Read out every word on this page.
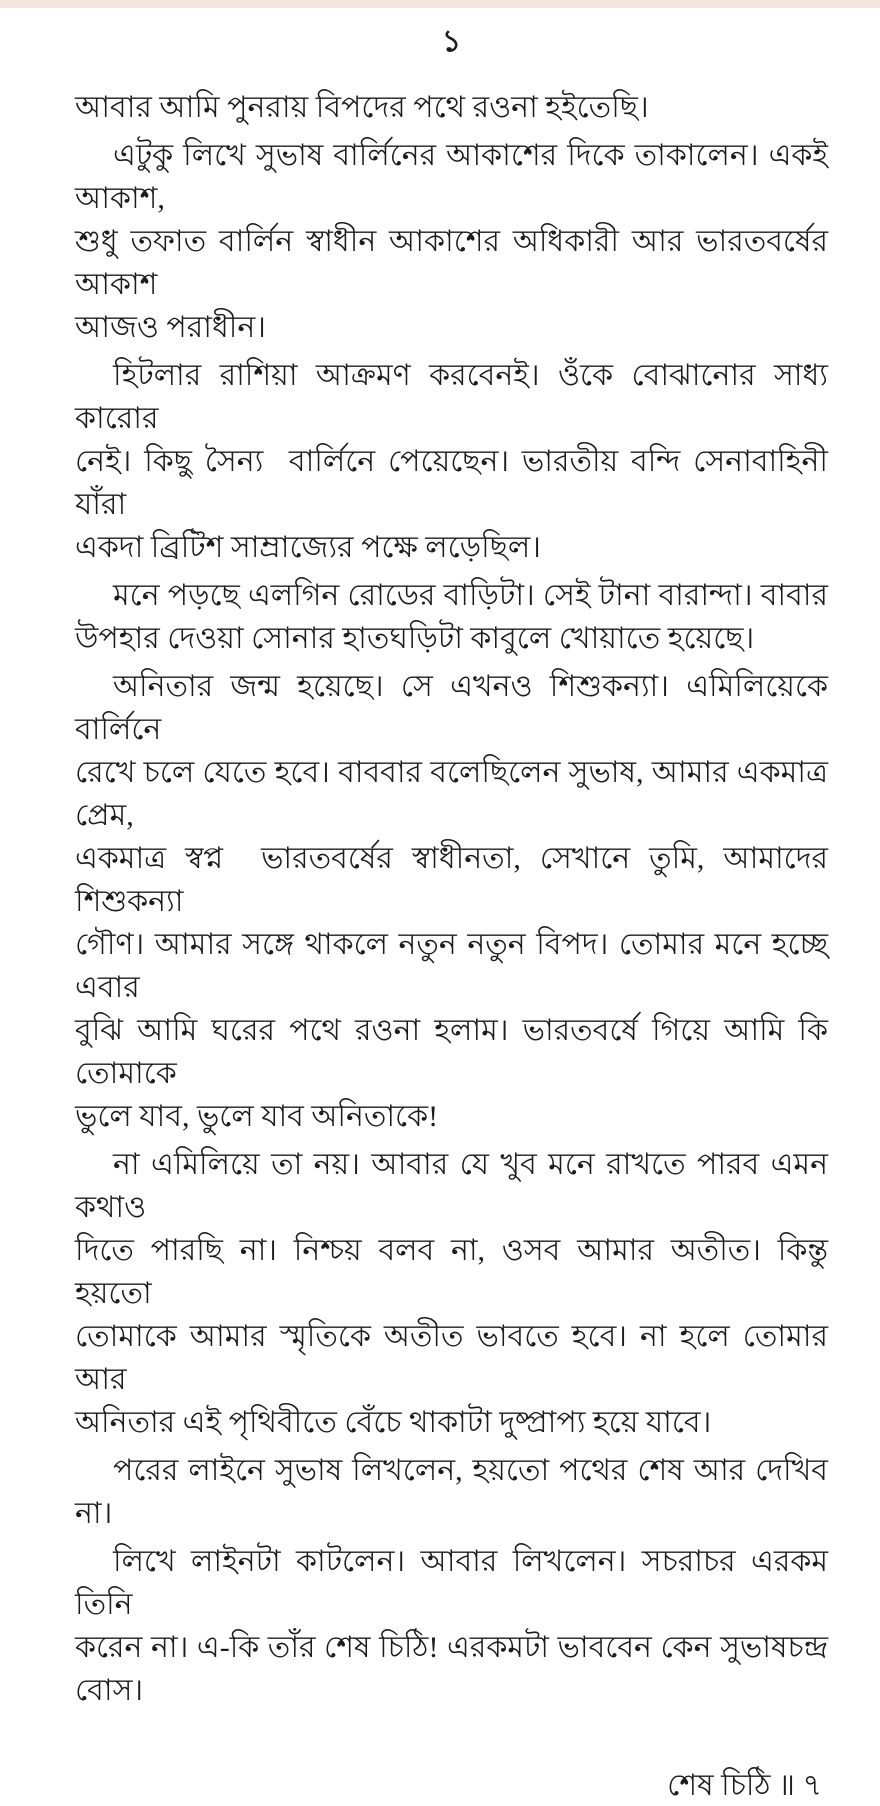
১
আবার আমি পুনরায় বিপদের পথে রওনা হইতেছি।
এটুকু লিখে সুভাষ বার্লিনের আকাশের দিকে তাকালেন। একই আকাশ,
শুধু তফাত বার্লিন স্বাধীন আকাশের অধিকারী আর ভারতবর্ষের আকাশ
আজও পরাধীন।
হিটলার রাশিয়া আক্রমণ করবেনই। ওঁকে বোঝানোর সাধ্য কারোর
নেই। কিছু সৈন্য  বার্লিনে পেয়েছেন। ভারতীয় বন্দি সেনাবাহিনী যাঁরা
একদা ব্রিটিশ সাম্রাজ্যের পক্ষে লড়েছিল।
মনে পড়ছে এলগিন রোডের বাড়িটা। সেই টানা বারান্দা। বাবার
উপহার দেওয়া সোনার হাতঘড়িটা কাবুলে খোয়াতে হয়েছে।
অনিতার জন্ম হয়েছে। সে এখনও শিশুকন্যা। এমিলিয়েকে বার্লিনে
রেখে চলে যেতে হবে। বাববার বলেছিলেন সুভাষ, আমার একমাত্র প্রেম,
একমাত্র স্বপ্ন  ভারতবর্ষের স্বাধীনতা, সেখানে তুমি, আমাদের শিশুকন্যা
গৌণ। আমার সঙ্গে থাকলে নতুন নতুন বিপদ। তোমার মনে হচ্ছে এবার
বুঝি আমি ঘরের পথে রওনা হলাম। ভারতবর্ষে গিয়ে আমি কি তোমাকে
ভুলে যাব, ভুলে যাব অনিতাকে!
না এমিলিয়ে তা নয়। আবার যে খুব মনে রাখতে পারব এমন কথাও
দিতে পারছি না। নিশ্চয় বলব না, ওসব আমার অতীত। কিন্তু হয়তো
তোমাকে আমার স্মৃতিকে অতীত ভাবতে হবে। না হলে তোমার আর
অনিতার এই পৃথিবীতে বেঁচে থাকাটা দুষ্প্রাপ্য হয়ে যাবে।
পরের লাইনে সুভাষ লিখলেন, হয়তো পথের শেষ আর দেখিব না।
লিখে লাইনটা কাটলেন। আবার লিখলেন। সচরাচর এরকম তিনি
করেন না। এ-কি তাঁর শেষ চিঠি! এরকমটা ভাববেন কেন সুভাষচন্দ্র বোস।
শেষ চিঠি ॥ ৭
